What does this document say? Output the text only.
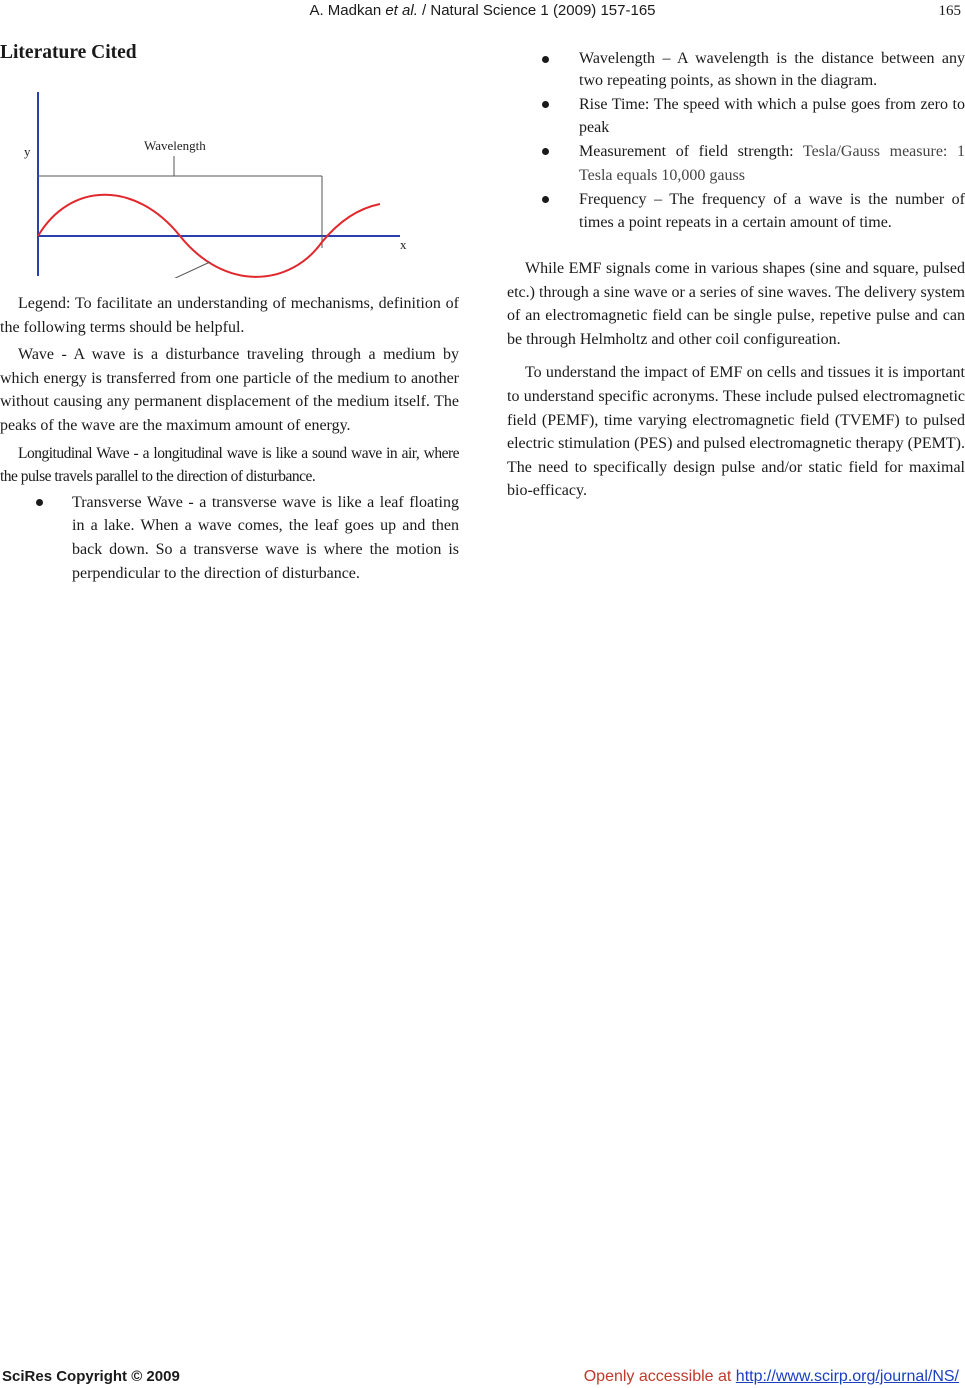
A. Madkan et al. / Natural Science 1 (2009) 157-165	165
Literature Cited
y	Wavelength
x

Legend: To facilitate an understanding of mechanisms, definition of the following terms should be helpful.

Wave - A wave is a disturbance traveling through a medium by which energy is transferred from one particle of the medium to another without causing any permanent displacement of the medium itself. The peaks of the wave are the maximum amount of energy.

Longitudinal Wave - a longitudinal wave is like a sound wave in air, where the pulse travels parallel to the direction of disturbance.

Transverse Wave - a transverse wave is like a leaf floating in a lake. When a wave comes, the leaf goes up and then back down. So a transverse wave is where the motion is perpendicular to the direction of disturbance.
Wavelength – A wavelength is the distance between any two repeating points, as shown in the diagram.
Rise Time: The speed with which a pulse goes from zero to peak
Measurement of field strength: Tesla/Gauss measure: 1 Tesla equals 10,000 gauss
Frequency – The frequency of a wave is the number of times a point repeats in a certain amount of time.

While EMF signals come in various shapes (sine and square, pulsed etc.) through a sine wave or a series of sine waves. The delivery system of an electromagnetic field can be single pulse, repetive pulse and can be through Helmholtz and other coil configureation.

To understand the impact of EMF on cells and tissues it is important to understand specific acronyms. These include pulsed electromagnetic field (PEMF), time varying electromagnetic field (TVEMF) to pulsed electric stimulation (PES) and pulsed electromagnetic therapy (PEMT). The need to specifically design pulse and/or static field for maximal bio-efficacy.

SciRes Copyright © 2009	Openly accessible at http://www.scirp.org/journal/NS/
